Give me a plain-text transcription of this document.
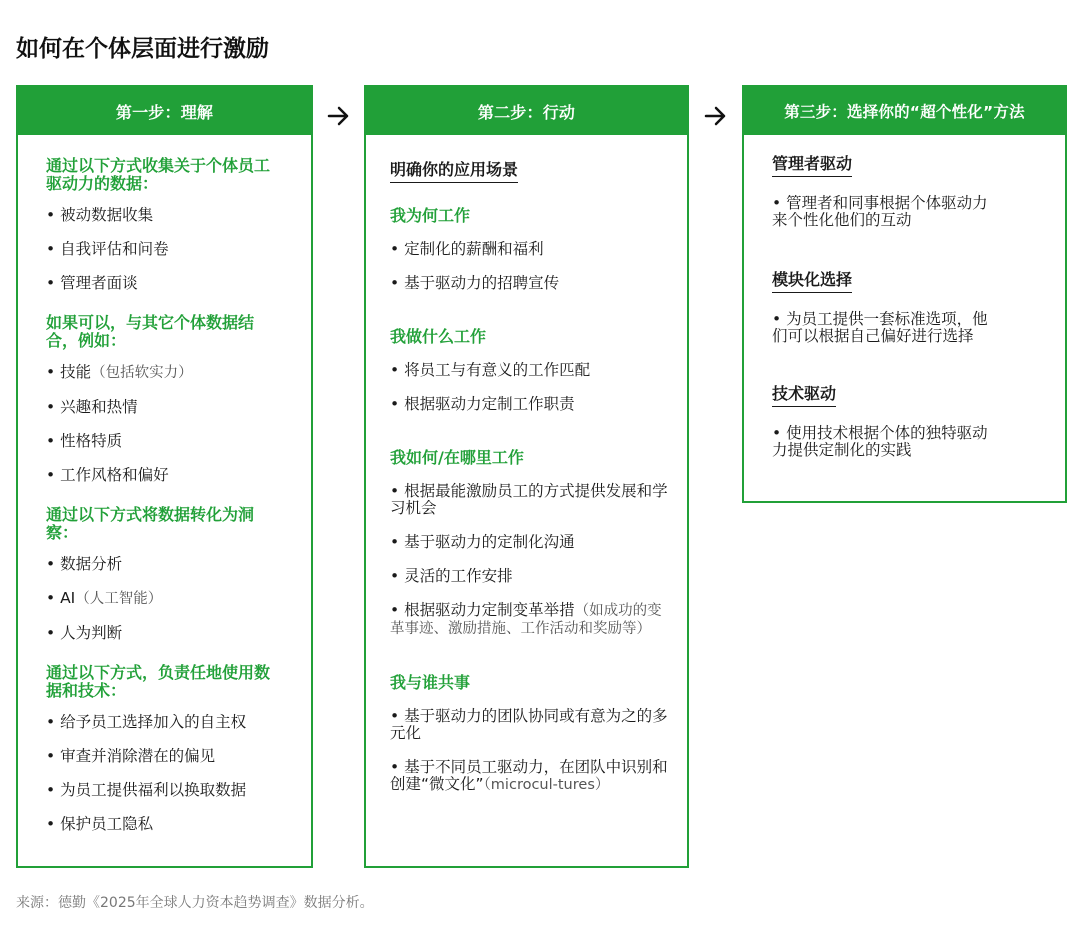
如何在个体层面进行激励
第一步：理解
通过以下方式收集关于个体员工驱动力的数据：
• 被动数据收集
• 自我评估和问卷
• 管理者面谈
如果可以，与其它个体数据结合，例如：
• 技能（包括软实力）
• 兴趣和热情
• 性格特质
• 工作风格和偏好
通过以下方式将数据转化为洞察：
• 数据分析
• AI（人工智能）
• 人为判断
通过以下方式，负责任地使用数据和技术：
• 给予员工选择加入的自主权
• 审查并消除潜在的偏见
• 为员工提供福利以换取数据
• 保护员工隐私
第二步：行动
明确你的应用场景
我为何工作
• 定制化的薪酬和福利
• 基于驱动力的招聘宣传
我做什么工作
• 将员工与有意义的工作匹配
• 根据驱动力定制工作职责
我如何/在哪里工作
• 根据最能激励员工的方式提供发展和学习机会
• 基于驱动力的定制化沟通
• 灵活的工作安排
• 根据驱动力定制变革举措（如成功的变革事迹、激励措施、工作活动和奖励等）
我与谁共事
• 基于驱动力的团队协同或有意为之的多元化
• 基于不同员工驱动力，在团队中识别和创建“微文化”（microcul-tures）
第三步：选择你的“超个性化”方法
管理者驱动
• 管理者和同事根据个体驱动力来个性化他们的互动
模块化选择
• 为员工提供一套标准选项，他们可以根据自己偏好进行选择
技术驱动
• 使用技术根据个体的独特驱动力提供定制化的实践
来源：德勤《2025年全球人力资本趋势调查》数据分析。
